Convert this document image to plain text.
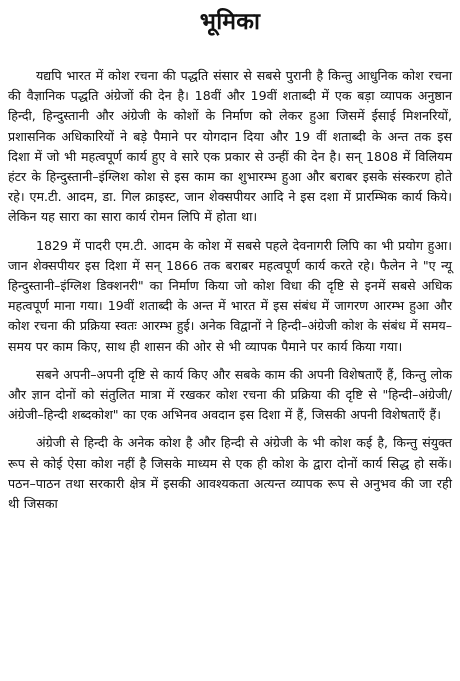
भूमिका

यद्यपि भारत में कोश रचना की पद्धति संसार से सबसे पुरानी है किन्तु आधुनिक कोश रचना की वैज्ञानिक पद्धति अंग्रेजों की देन है। 18वीं और 19वीं शताब्दी में एक बड़ा व्यापक अनुष्ठान हिन्दी, हिन्दुस्तानी और अंग्रेजी के कोशों के निर्माण को लेकर हुआ जिसमें ईसाई मिशनरियों, प्रशासनिक अधिकारियों ने बड़े पैमाने पर योगदान दिया और 19 वीं शताब्दी के अन्त तक इस दिशा में जो भी महत्वपूर्ण कार्य हुए वे सारे एक प्रकार से उन्हीं की देन है। सन् 1808 में विलियम हंटर के हिन्दुस्तानी–इंग्लिश कोश से इस काम का शुभारम्भ हुआ और बराबर इसके संस्करण होते रहे। एम.टी. आदम, डा. गिल क्राइस्ट, जान शेक्सपीयर आदि ने इस दशा में प्रारम्भिक कार्य किये। लेकिन यह सारा का सारा कार्य रोमन लिपि में होता था।

1829 में पादरी एम.टी. आदम के कोश में सबसे पहले देवनागरी लिपि का भी प्रयोग हुआ। जान शेक्सपीयर इस दिशा में सन् 1866 तक बराबर महत्वपूर्ण कार्य करते रहे। फैलेन ने "ए न्यू हिन्दुस्तानी–इंग्लिश डिक्शनरी" का निर्माण किया जो कोश विधा की दृष्टि से इनमें सबसे अधिक महत्वपूर्ण माना गया। 19वीं शताब्दी के अन्त में भारत में इस संबंध में जागरण आरम्भ हुआ और कोश रचना की प्रक्रिया स्वतः आरम्भ हुई। अनेक विद्वानों ने हिन्दी–अंग्रेजी कोश के संबंध में समय–समय पर काम किए, साथ ही शासन की ओर से भी व्यापक पैमाने पर कार्य किया गया।

सबने अपनी–अपनी दृष्टि से कार्य किए और सबके काम की अपनी विशेषताएँ हैं, किन्तु लोक और ज्ञान दोनों को संतुलित मात्रा में रखकर कोश रचना की प्रक्रिया की दृष्टि से "हिन्दी–अंग्रेजी/अंग्रेजी–हिन्दी शब्दकोश" का एक अभिनव अवदान इस दिशा में हैं, जिसकी अपनी विशेषताएँ हैं।

अंग्रेजी से हिन्दी के अनेक कोश है और हिन्दी से अंग्रेजी के भी कोश कई है, किन्तु संयुक्त रूप से कोई ऐसा कोश नहीं है जिसके माध्यम से एक ही कोश के द्वारा दोनों कार्य सिद्ध हो सकें। पठन–पाठन तथा सरकारी क्षेत्र में इसकी आवश्यकता अत्यन्त व्यापक रूप से अनुभव की जा रही थी जिसका
